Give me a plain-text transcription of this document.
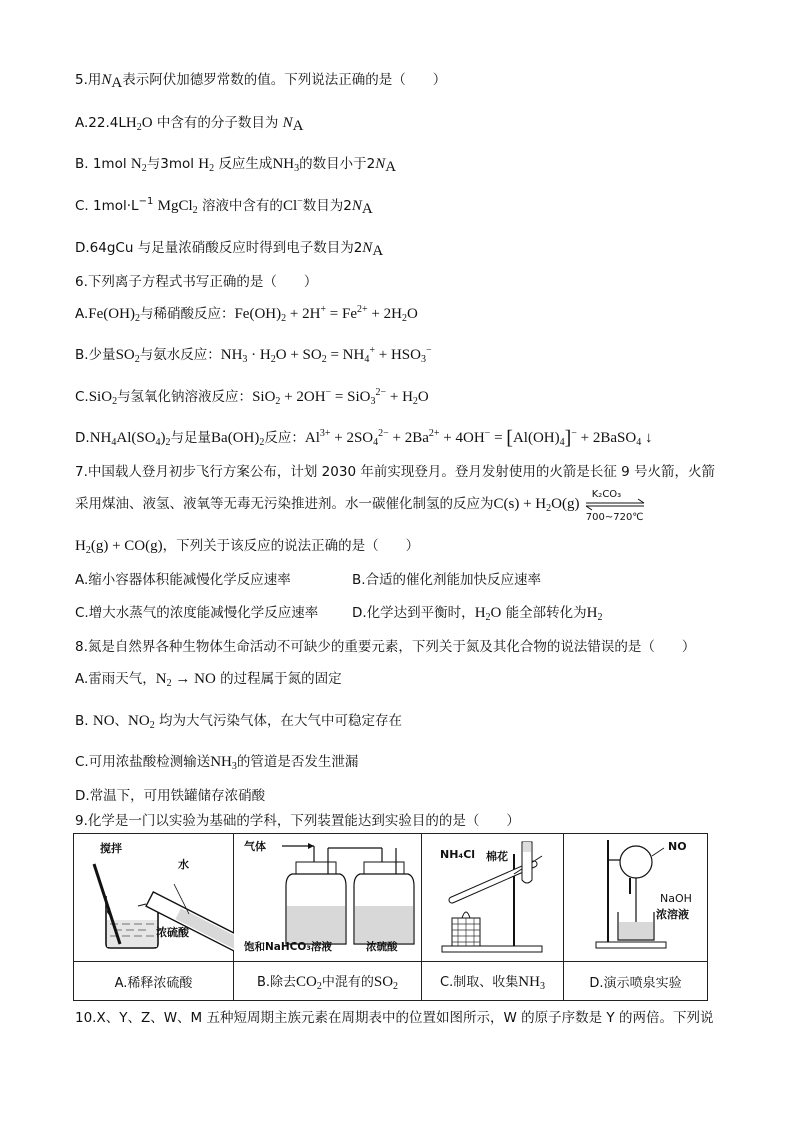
5.用$N_A$表示阿伏加德罗常数的值。下列说法正确的是（　　）
$A.22.4LH_2O$ 中含有的分子数目为 $N_A$
B. 1mol $N_2$与3mol $H_2$ 反应生成$NH_3$的数目小于$2N_A$
C. $1mol\cdot L^{-1}$ MgCl$_2$ 溶液中含有的Cl−数目为$2N_A$
D.64gCu 与足量浓硝酸反应时得到电子数目为$2N_A$
6.下列离子方程式书写正确的是（　　）
$A.Fe(OH)_2$与稀硝酸反应：$Fe(OH)_2 + 2H^+ = Fe^{2+} + 2H_2O$
B.少量$SO_2$与氨水反应：$NH_3 \cdot H_2O + SO_2 = NH_4^+ + HSO_3^-$
C.SiO$_2$与氢氧化钠溶液反应：$SiO_2 + 2OH^- = SiO_3^{2-} + H_2O$
$D.NH_4Al(SO_4)_2$与足量$Ba(OH)_2$反应：$Al^{3+} + 2SO_4^{2-} + 2Ba^{2+} + 4OH^- = [Al(OH)_4]^-$ + 2BaSO$_4$ ↓
7.中国载人登月初步飞行方案公布，计划 2030 年前实现登月。登月发射使用的火箭是长征 9 号火箭，火箭
采用煤油、液氢、液氧等无毒无污染推进剂。水一碳催化制氢的反应为$C(s) + H_2O(g)$
K₂CO₃
700~720℃
$H_2(g) + CO(g)$，下列关于该反应的说法正确的是（　　）
A.缩小容器体积能减慢化学反应速率	B.合适的催化剂能加快反应速率
C.增大水蒸气的浓度能减慢化学反应速率	D.化学达到平衡时，$H_2O$ 能全部转化为$H_2$
8.氮是自然界各种生物体生命活动不可缺少的重要元素，下列关于氮及其化合物的说法错误的是（　　）
A.雷雨天气，$N_2$ → NO 的过程属于氮的固定
B. NO、$NO_2$ 均为大气污染气体，在大气中可稳定存在
C.可用浓盐酸检测输送$NH_3$的管道是否发生泄漏
D.常温下，可用铁罐储存浓硝酸
9.化学是一门以实验为基础的学科，下列装置能达到实验目的的是（　　）
搅拌
水
浓硫酸	气体
饱和NaHCO₃溶液 浓硫酸	NH₄Cl 棉花	NO
NaOH
浓溶液

A.稀释浓硫酸	B.除去$CO_2$中混有的$SO_2$	C.制取、收集$NH_3$	D.演示喷泉实验
10.X、Y、Z、W、M 五种短周期主族元素在周期表中的位置如图所示，W 的原子序数是 Y 的两倍。下列说
